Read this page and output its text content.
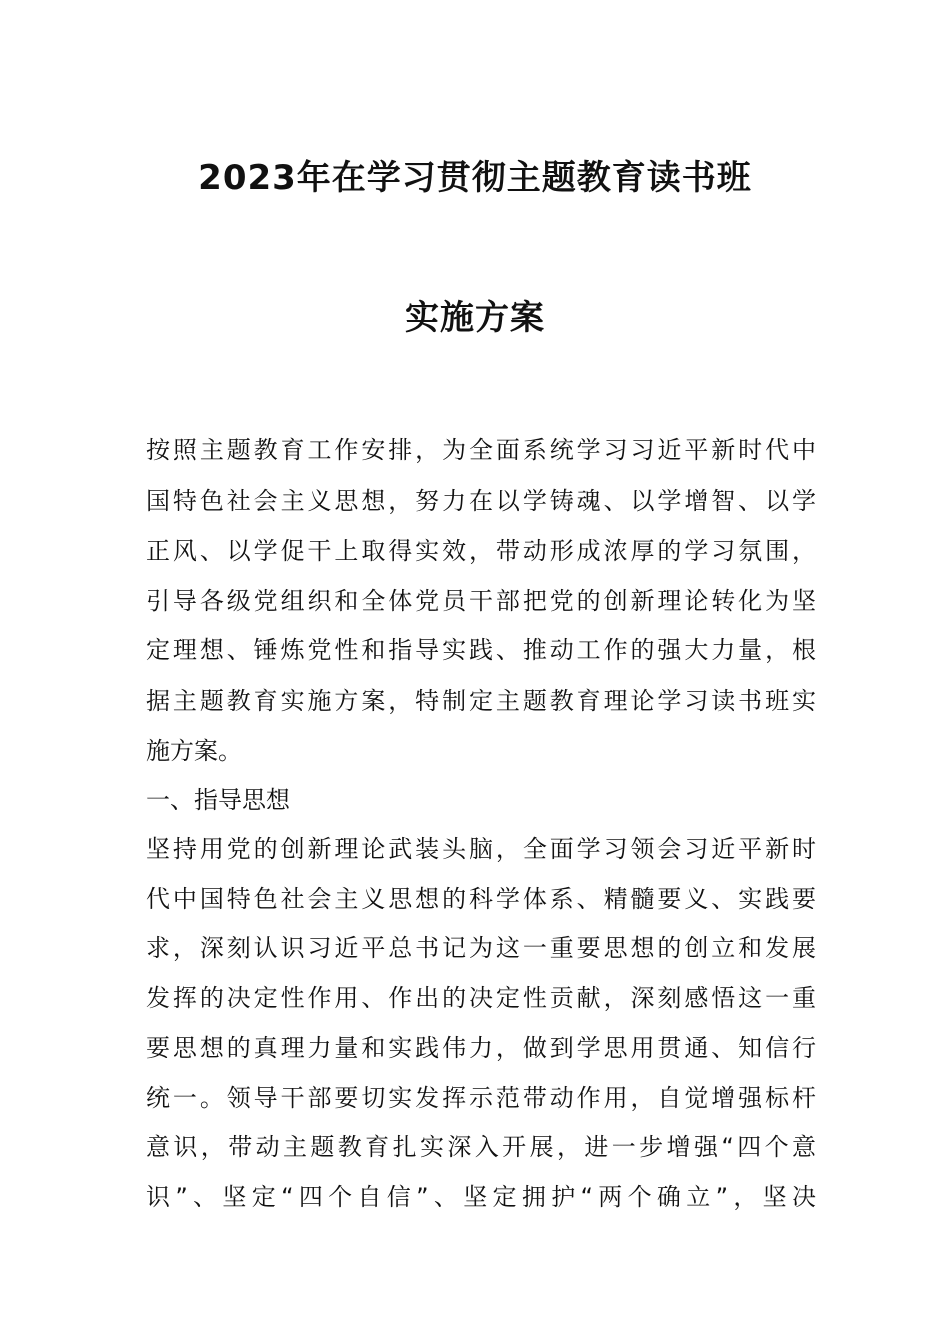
2023年在学习贯彻主题教育读书班
实施方案

按照主题教育工作安排，为全面系统学习习近平新时代中

国特色社会主义思想，努力在以学铸魂、以学增智、以学

正风、以学促干上取得实效，带动形成浓厚的学习氛围，

引导各级党组织和全体党员干部把党的创新理论转化为坚

定理想、锤炼党性和指导实践、推动工作的强大力量，根

据主题教育实施方案，特制定主题教育理论学习读书班实

施方案。

一、指导思想

坚持用党的创新理论武装头脑，全面学习领会习近平新时

代中国特色社会主义思想的科学体系、精髓要义、实践要

求，深刻认识习近平总书记为这一重要思想的创立和发展

发挥的决定性作用、作出的决定性贡献，深刻感悟这一重

要思想的真理力量和实践伟力，做到学思用贯通、知信行

统一。领导干部要切实发挥示范带动作用，自觉增强标杆

意识，带动主题教育扎实深入开展，进一步增强“四个意

识”、坚定“四个自信”、坚定拥护“两个确立”，坚决
